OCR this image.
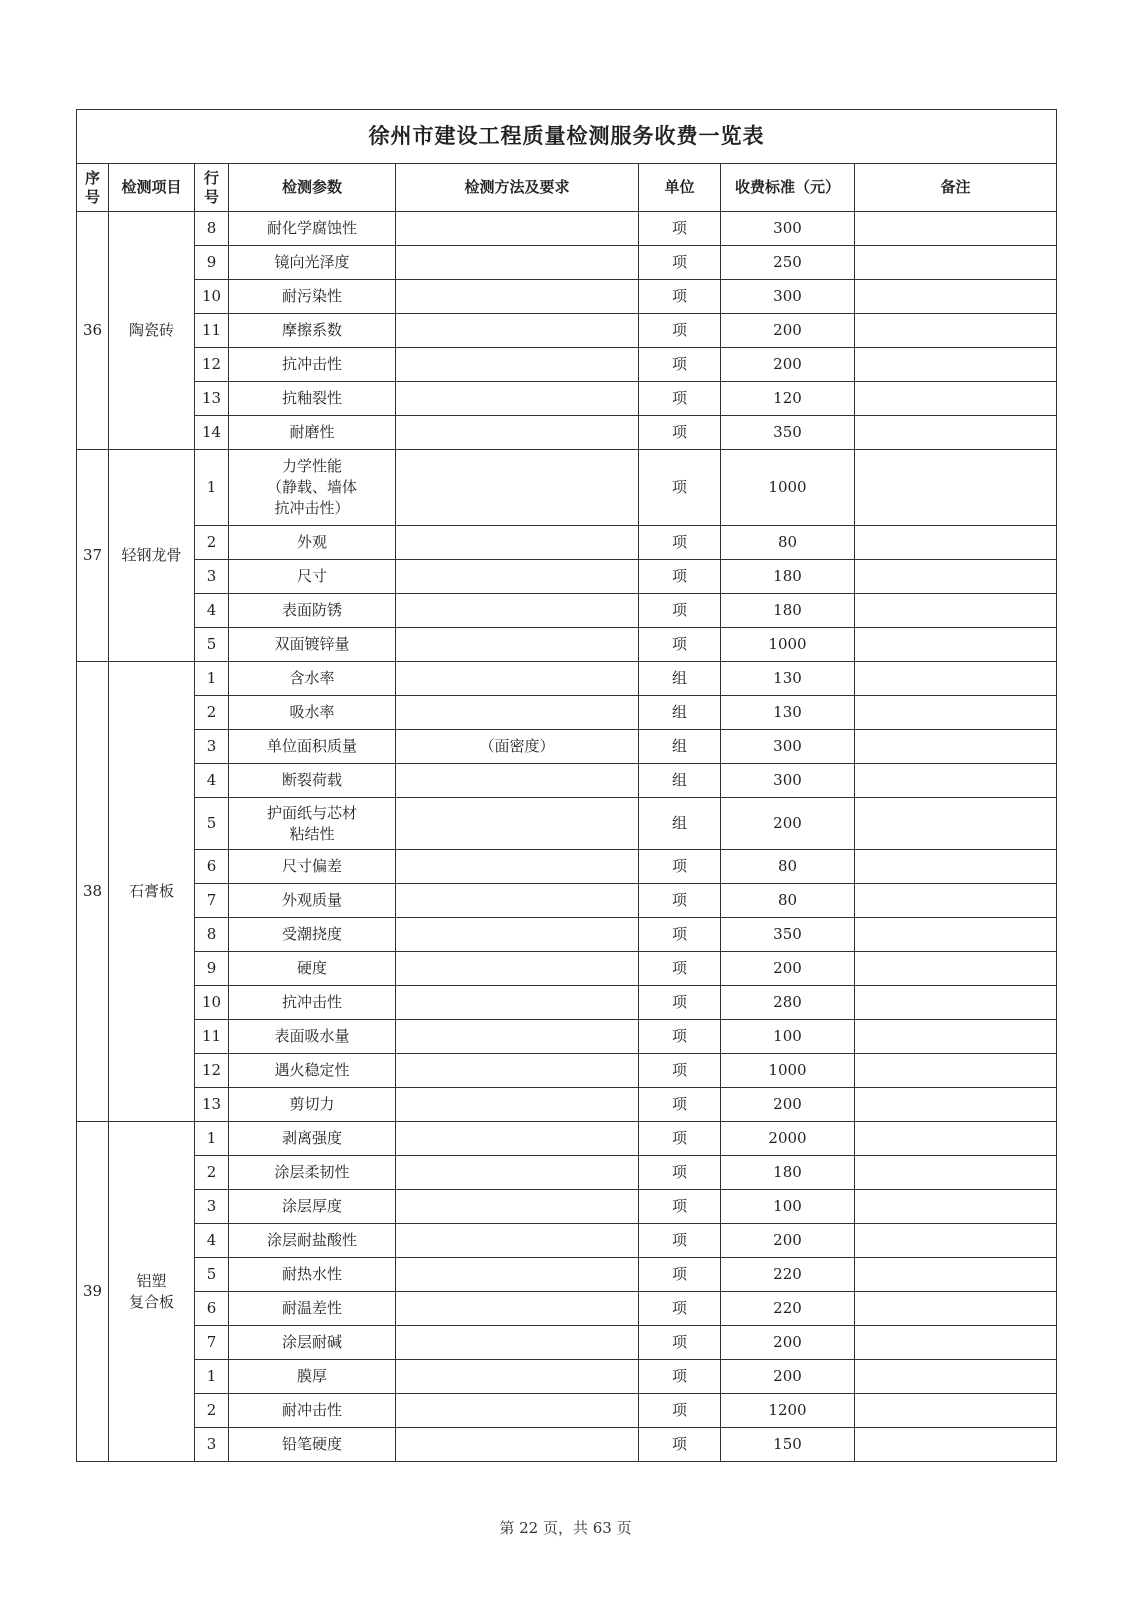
徐州市建设工程质量检测服务收费一览表							
序
号	检测项目	行
号	检测参数	检测方法及要求	单位	收费标准（元）	备注
36	陶瓷砖	8	耐化学腐蚀性		项	300	
		9	镜向光泽度		项	250	
		10	耐污染性		项	300	
		11	摩擦系数		项	200	
		12	抗冲击性		项	200	
		13	抗釉裂性		项	120	
		14	耐磨性		项	350	
37	轻钢龙骨	1	力学性能
（静载、墙体
抗冲击性）		项	1000	
		2	外观		项	80	
		3	尺寸		项	180	
		4	表面防锈		项	180	
		5	双面镀锌量		项	1000	
38	石膏板	1	含水率		组	130	
		2	吸水率		组	130	
		3	单位面积质量	（面密度）	组	300	
		4	断裂荷载		组	300	
		5	护面纸与芯材
粘结性		组	200	
		6	尺寸偏差		项	80	
		7	外观质量		项	80	
		8	受潮挠度		项	350	
		9	硬度		项	200	
		10	抗冲击性		项	280	
		11	表面吸水量		项	100	
		12	遇火稳定性		项	1000	
		13	剪切力		项	200	
39	铝塑
复合板	1	剥离强度		项	2000	
		2	涂层柔韧性		项	180	
		3	涂层厚度		项	100	
		4	涂层耐盐酸性		项	200	
		5	耐热水性		项	220	
		6	耐温差性		项	220	
		7	涂层耐碱		项	200	
		1	膜厚		项	200	
		2	耐冲击性		项	1200	
		3	铅笔硬度		项	150	
第 22 页，共 63 页
